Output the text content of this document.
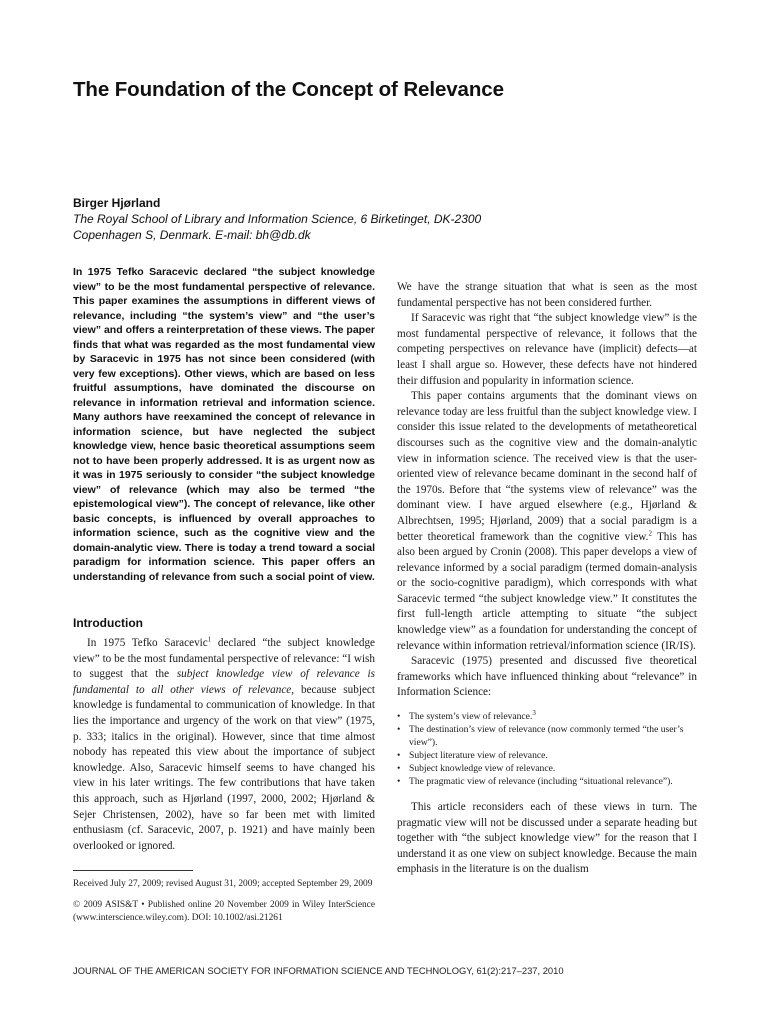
The Foundation of the Concept of Relevance
Birger Hjørland
The Royal School of Library and Information Science, 6 Birketinget, DK-2300
Copenhagen S, Denmark. E-mail: bh@db.dk
In 1975 Tefko Saracevic declared “the subject knowledge view” to be the most fundamental perspective of relevance. This paper examines the assumptions in different views of relevance, including “the system’s view” and “the user’s view” and offers a reinterpretation of these views. The paper finds that what was regarded as the most fundamental view by Saracevic in 1975 has not since been considered (with very few exceptions). Other views, which are based on less fruitful assumptions, have dominated the discourse on relevance in information retrieval and information science. Many authors have reexamined the concept of relevance in information science, but have neglected the subject knowledge view, hence basic theoretical assumptions seem not to have been properly addressed. It is as urgent now as it was in 1975 seriously to consider “the subject knowledge view” of relevance (which may also be termed “the epistemological view”). The concept of relevance, like other basic concepts, is influenced by overall approaches to information science, such as the cognitive view and the domain-analytic view. There is today a trend toward a social paradigm for information science. This paper offers an understanding of relevance from such a social point of view.
Introduction

In 1975 Tefko Saracevic$^1$ declared “the subject knowledge view” to be the most fundamental perspective of relevance: “I wish to suggest that the subject knowledge view of relevance is fundamental to all other views of relevance, because subject knowledge is fundamental to communication of knowledge. In that lies the importance and urgency of the work on that view” (1975, p. 333; italics in the original). However, since that time almost nobody has repeated this view about the importance of subject knowledge. Also, Saracevic himself seems to have changed his view in his later writings. The few contributions that have taken this approach, such as Hjørland (1997, 2000, 2002; Hjørland & Sejer Christensen, 2002), have so far been met with limited enthusiasm (cf. Saracevic, 2007, p. 1921) and have mainly been overlooked or ignored.

Received July 27, 2009; revised August 31, 2009; accepted September 29, 2009
© 2009 ASIS&T • Published online 20 November 2009 in Wiley InterScience (www.interscience.wiley.com). DOI: 10.1002/asi.21261

We have the strange situation that what is seen as the most fundamental perspective has not been considered further.

If Saracevic was right that “the subject knowledge view” is the most fundamental perspective of relevance, it follows that the competing perspectives on relevance have (implicit) defects—at least I shall argue so. However, these defects have not hindered their diffusion and popularity in information science.

This paper contains arguments that the dominant views on relevance today are less fruitful than the subject knowledge view. I consider this issue related to the developments of metatheoretical discourses such as the cognitive view and the domain-analytic view in information science. The received view is that the user-oriented view of relevance became dominant in the second half of the 1970s. Before that “the systems view of relevance” was the dominant view. I have argued elsewhere (e.g., Hjørland & Albrechtsen, 1995; Hjørland, 2009) that a social paradigm is a better theoretical framework than the cognitive view.$^2$ This has also been argued by Cronin (2008). This paper develops a view of relevance informed by a social paradigm (termed domain-analysis or the socio-cognitive paradigm), which corresponds with what Saracevic termed “the subject knowledge view.” It constitutes the first full-length article attempting to situate “the subject knowledge view” as a foundation for understanding the concept of relevance within information retrieval/information science (IR/IS).

Saracevic (1975) presented and discussed five theoretical frameworks which have influenced thinking about “relevance” in Information Science:

• The system’s view of relevance.$^3$
• The destination’s view of relevance (now commonly termed “the user’s view”).
• Subject literature view of relevance.
• Subject knowledge view of relevance.
• The pragmatic view of relevance (including “situational relevance”).

This article reconsiders each of these views in turn. The pragmatic view will not be discussed under a separate heading but together with “the subject knowledge view” for the reason that I understand it as one view on subject knowledge. Because the main emphasis in the literature is on the dualism

JOURNAL OF THE AMERICAN SOCIETY FOR INFORMATION SCIENCE AND TECHNOLOGY, 61(2):217–237, 2010
